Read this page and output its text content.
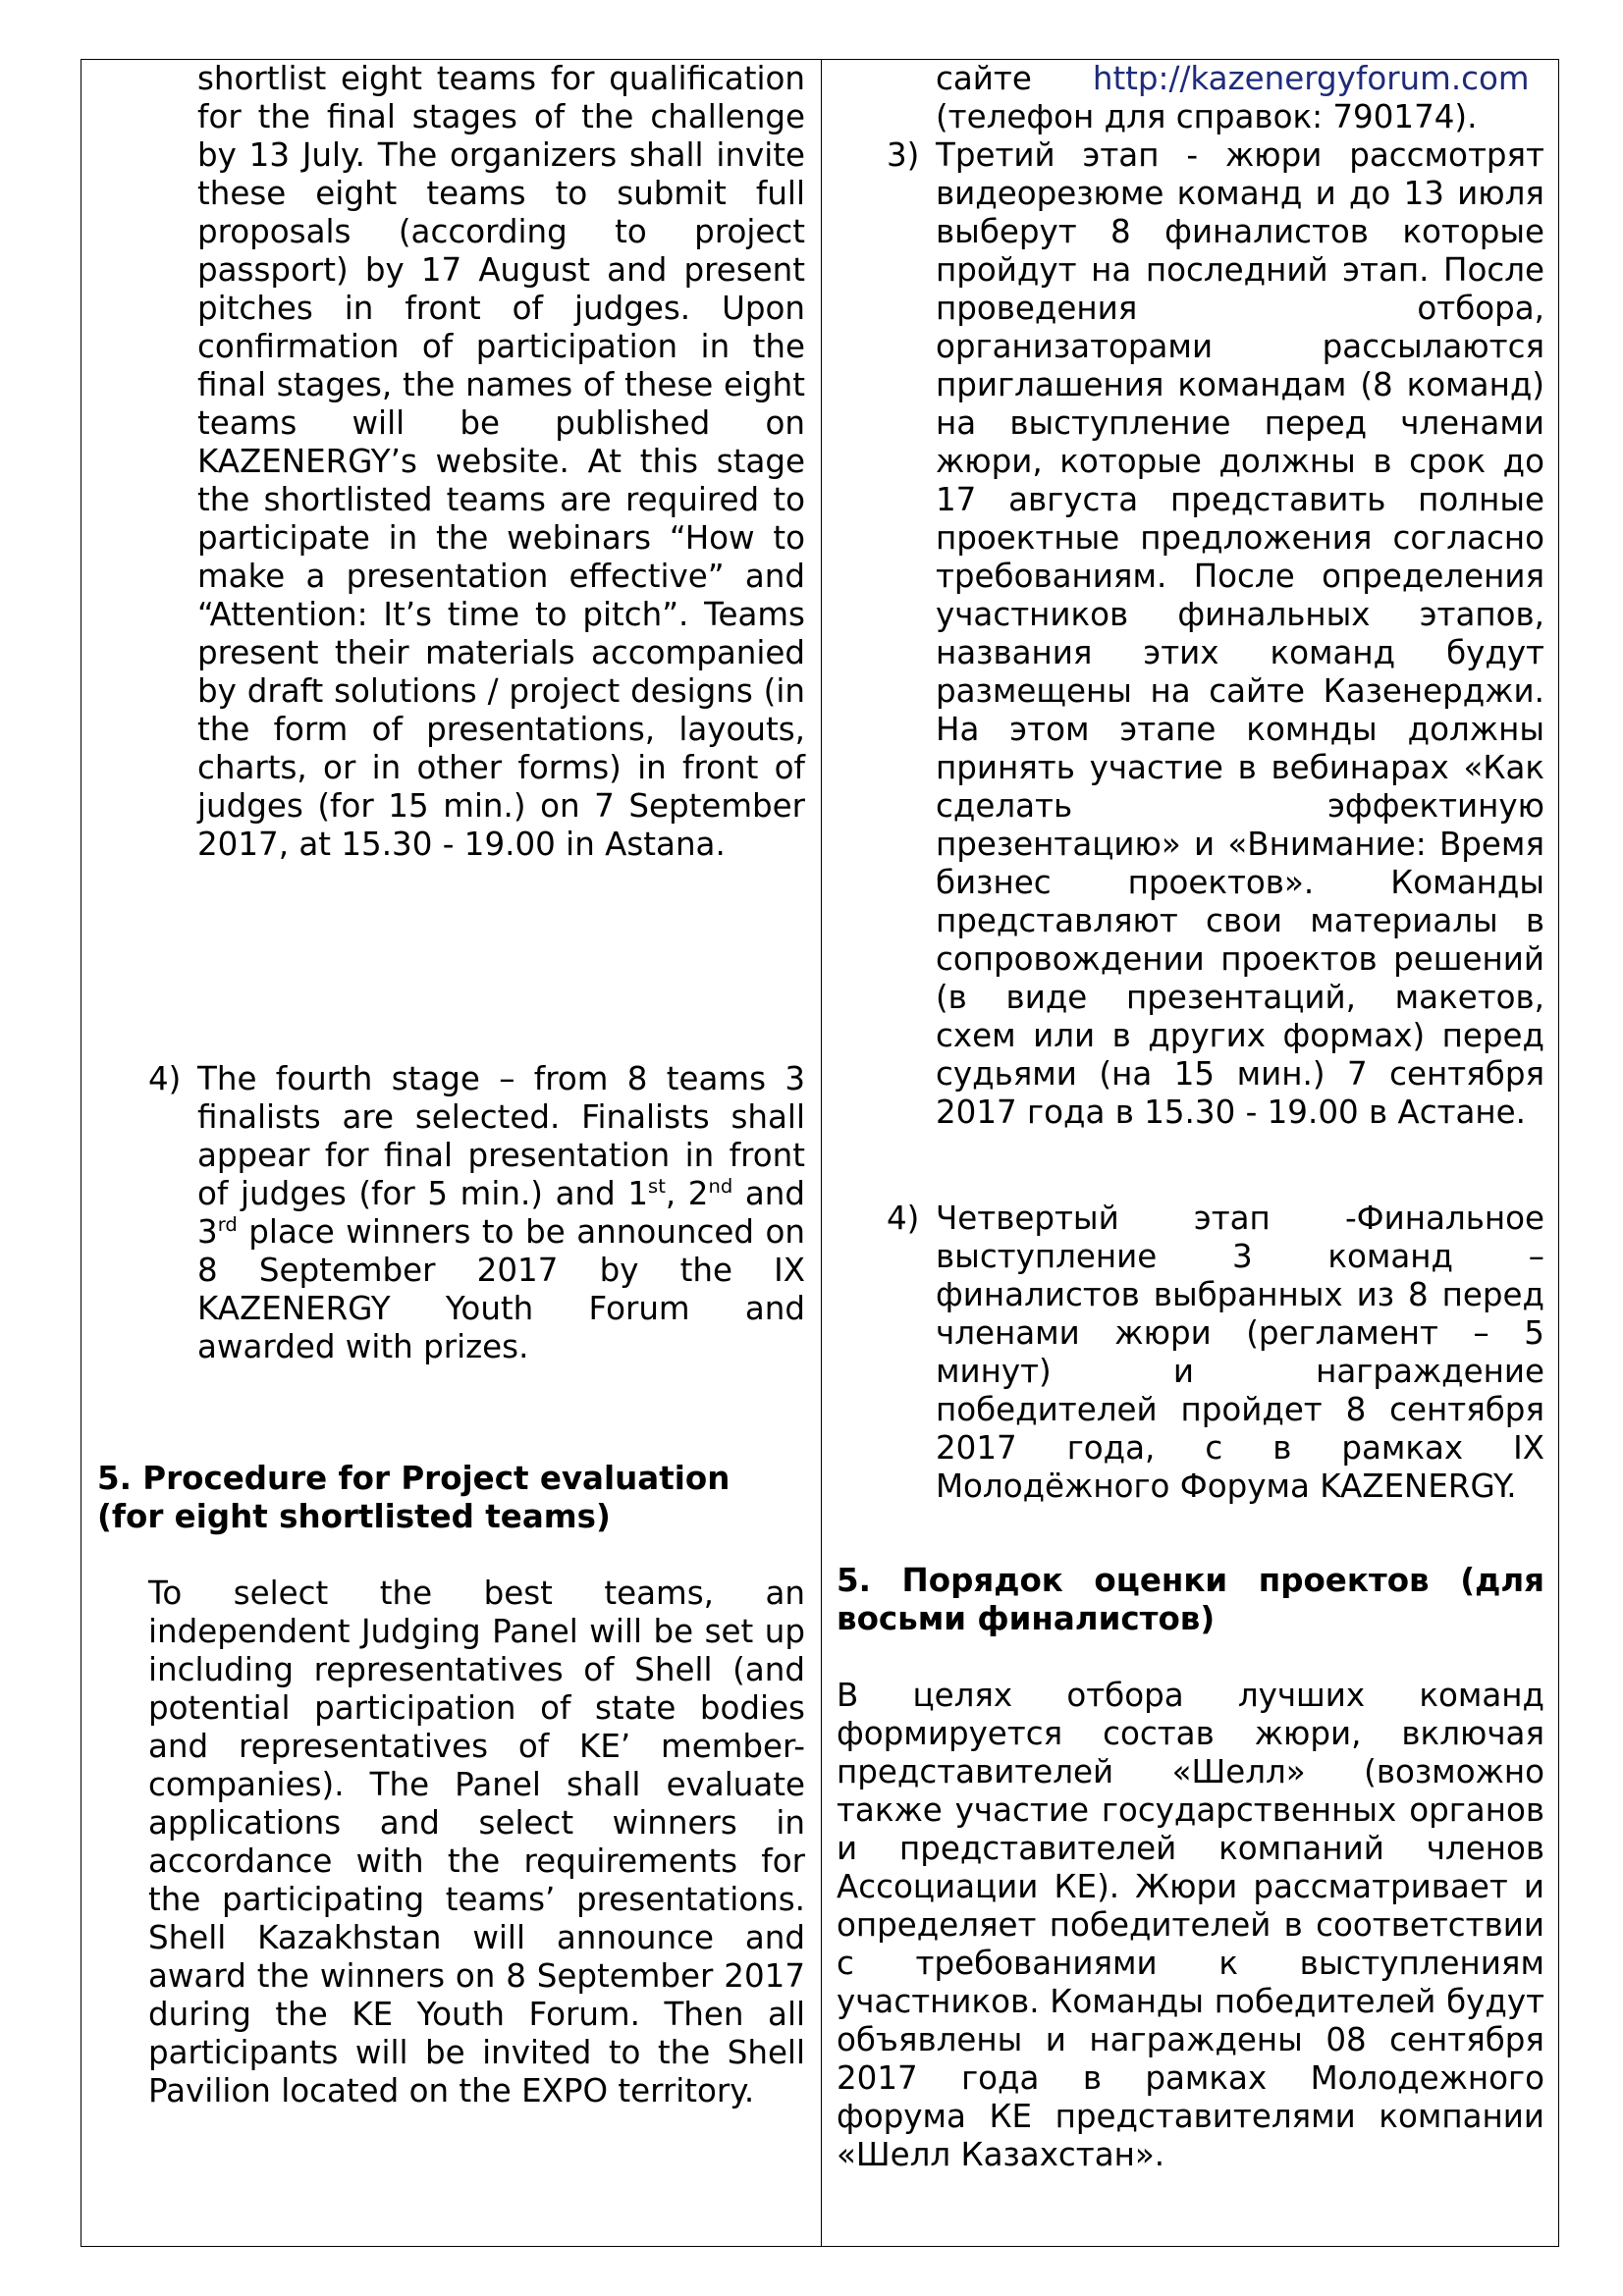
shortlist eight teams for qualification for the final stages of the challenge by 13 July. The organizers shall invite these eight teams to submit full proposals (according to project passport) by 17 August and present pitches in front of judges. Upon confirmation of participation in the final stages, the names of these eight teams will be published on KAZENERGY’s website. At this stage the shortlisted teams are required to participate in the webinars “How to make a presentation effective” and “Attention: It’s time to pitch”. Teams present their materials accompanied by draft solutions / project designs (in the form of presentations, layouts, charts, or in other forms) in front of judges (for 15 min.) on 7 September 2017, at 15.30 - 19.00 in Astana.

4) The fourth stage – from 8 teams 3 finalists are selected. Finalists shall appear for final presentation in front of judges (for 5 min.) and 1st, 2nd and 3rd place winners to be announced on 8 September 2017 by the IX KAZENERGY Youth Forum and awarded with prizes.

5. Procedure for Project evaluation (for eight shortlisted teams)

To select the best teams, an independent Judging Panel will be set up including representatives of Shell (and potential participation of state bodies and representatives of KE’ member-companies). The Panel shall evaluate applications and select winners in accordance with the requirements for the participating teams’ presentations. Shell Kazakhstan will announce and award the winners on 8 September 2017 during the KE Youth Forum. Then all participants will be invited to the Shell Pavilion located on the EXPO territory.

сайте http://kazenergyforum.com

(телефон для справок: 790174).

3) Третий этап - жюри рассмотрят видеорезюме команд и до 13 июля выберут 8 финалистов которые пройдут на последний этап. После проведения отбора, организаторами рассылаются приглашения командам (8 команд) на выступление перед членами жюри, которые должны в срок до 17 августа представить полные проектные предложения согласно требованиям. После определения участников финальных этапов, названия этих команд будут размещены на сайте Казенерджи. На этом этапе комнды должны принять участие в вебинарах «Как сделать эффектиную презентацию» и «Внимание: Время бизнес проектов». Команды представляют свои материалы в сопровождении проектов решений (в виде презентаций, макетов, схем или в других формах) перед судьями (на 15 мин.) 7 сентября 2017 года в 15.30 - 19.00 в Астане.

4) Четвертый этап -Финальное выступление 3 команд – финалистов выбранных из 8 перед членами жюри (регламент – 5 минут) и награждение победителей пройдет 8 сентября 2017 года, с в рамках IX Молодёжного Форума KAZENERGY.

5. Порядок оценки проектов (для восьми финалистов)

В целях отбора лучших команд формируется состав жюри, включая представителей «Шелл» (возможно также участие государственных органов и представителей компаний членов Ассоциации КЕ). Жюри рассматривает и определяет победителей в соответствии с требованиями к выступлениям участников. Команды победителей будут объявлены и награждены 08 сентября 2017 года в рамках Молодежного форума КЕ представителями компании «Шелл Казахстан».
